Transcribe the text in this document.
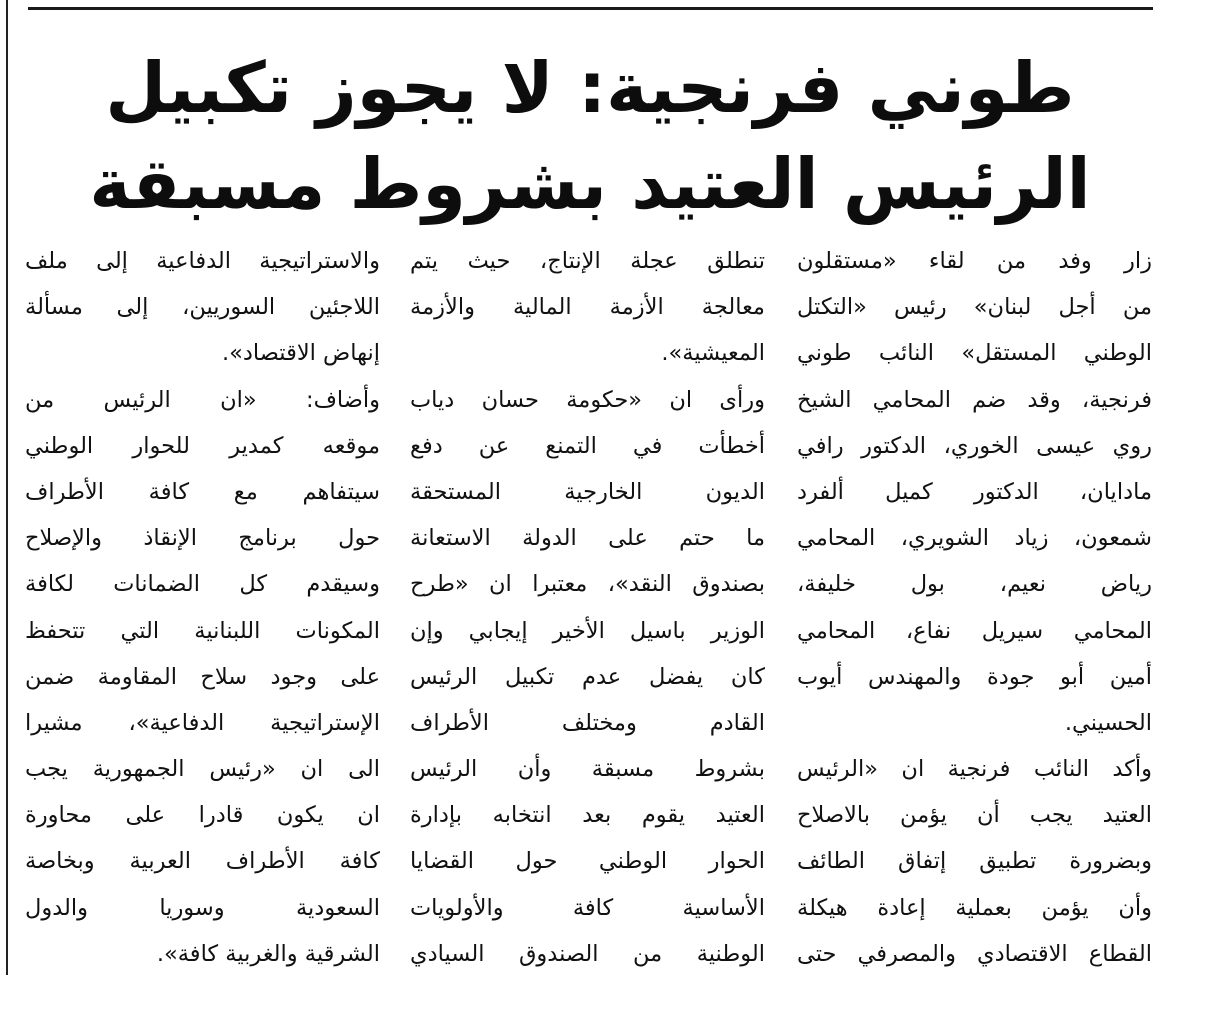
طوني فرنجية: لا يجوز تكبيل
الرئيس العتيد بشروط مسبقة
زار وفد من لقاء «مستقلون
من أجل لبنان» رئيس «التكتل
الوطني المستقل» النائب طوني
فرنجية، وقد ضم المحامي الشيخ
روي عيسى الخوري، الدكتور رافي
مادايان، الدكتور كميل ألفرد
شمعون، زياد الشويري، المحامي
رياض نعيم، بول خليفة،
المحامي سيريل نفاع، المحامي
أمين أبو جودة والمهندس أيوب
الحسيني.
وأكد النائب فرنجية ان «الرئيس
العتيد يجب أن يؤمن بالاصلاح
وبضرورة تطبيق إتفاق الطائف
وأن يؤمن بعملية إعادة هيكلة
القطاع الاقتصادي والمصرفي حتى
تنطلق عجلة الإنتاج، حيث يتم
معالجة الأزمة المالية والأزمة
المعيشية».
ورأى ان «حكومة حسان دياب
أخطأت في التمنع عن دفع
الديون الخارجية المستحقة
ما حتم على الدولة الاستعانة
بصندوق النقد»، معتبرا ان «طرح
الوزير باسيل الأخير إيجابي وإن
كان يفضل عدم تكبيل الرئيس
القادم ومختلف الأطراف
بشروط مسبقة وأن الرئيس
العتيد يقوم بعد انتخابه بإدارة
الحوار الوطني حول القضايا
الأساسية كافة والأولويات
الوطنية من الصندوق السيادي
والاستراتيجية الدفاعية إلى ملف
اللاجئين السوريين، إلى مسألة
إنهاض الاقتصاد».
وأضاف: «ان الرئيس من
موقعه كمدير للحوار الوطني
سيتفاهم مع كافة الأطراف
حول برنامج الإنقاذ والإصلاح
وسيقدم كل الضمانات لكافة
المكونات اللبنانية التي تتحفظ
على وجود سلاح المقاومة ضمن
الإستراتيجية الدفاعية»، مشيرا
الى ان «رئيس الجمهورية يجب
ان يكون قادرا على محاورة
كافة الأطراف العربية وبخاصة
السعودية وسوريا والدول
الشرقية والغربية كافة».
